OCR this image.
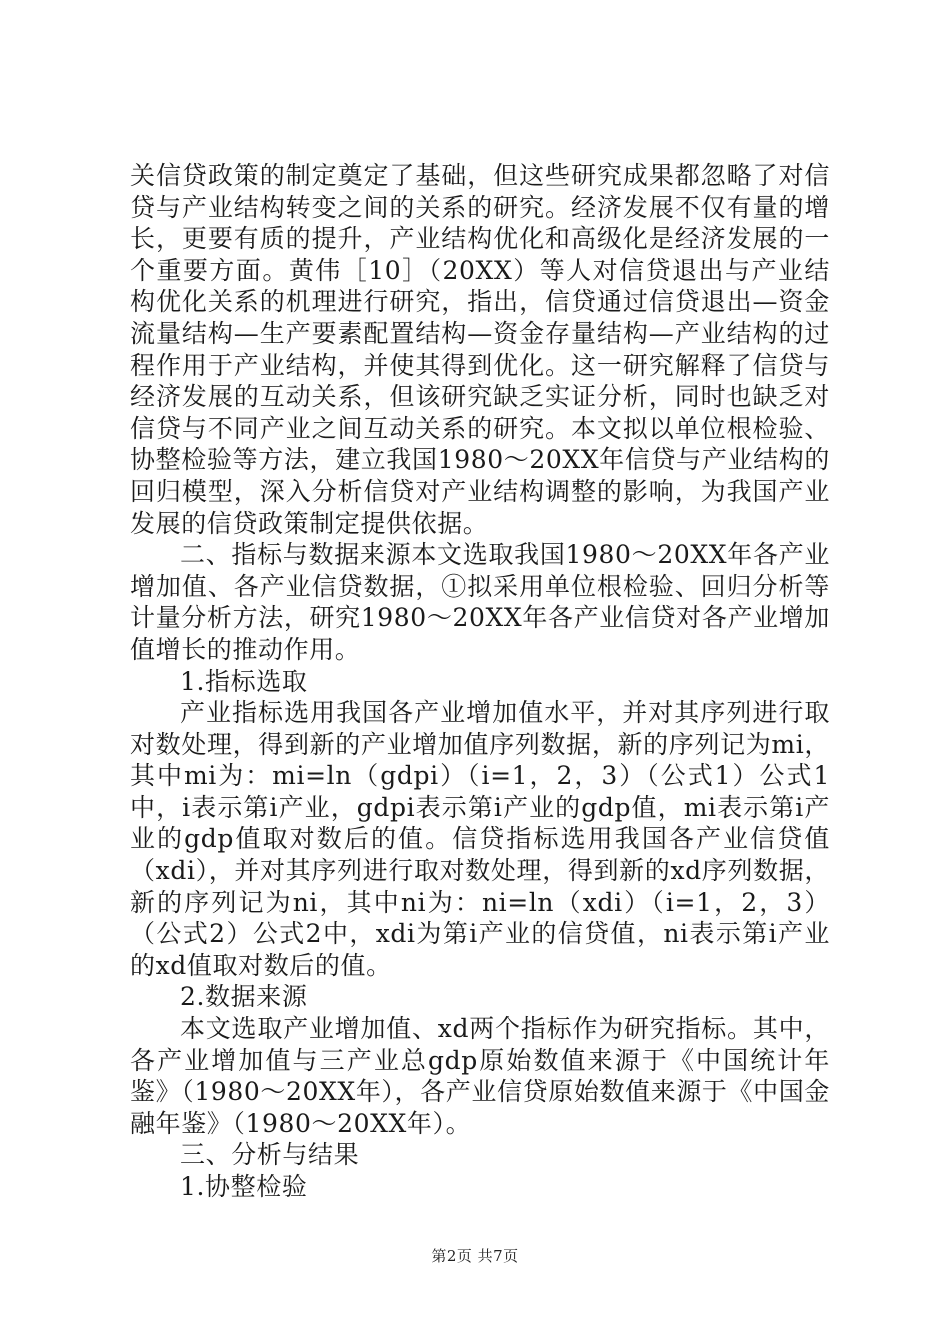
关信贷政策的制定奠定了基础，但这些研究成果都忽略了对信贷与产业结构转变之间的关系的研究。经济发展不仅有量的增长，更要有质的提升，产业结构优化和高级化是经济发展的一个重要方面。黄伟［10］（20XX）等人对信贷退出与产业结构优化关系的机理进行研究，指出，信贷通过信贷退出—资金流量结构—生产要素配置结构—资金存量结构—产业结构的过程作用于产业结构，并使其得到优化。这一研究解释了信贷与经济发展的互动关系，但该研究缺乏实证分析，同时也缺乏对信贷与不同产业之间互动关系的研究。本文拟以单位根检验、协整检验等方法，建立我国1980～20XX年信贷与产业结构的回归模型，深入分析信贷对产业结构调整的影响，为我国产业发展的信贷政策制定提供依据。

二、指标与数据来源本文选取我国1980～20XX年各产业增加值、各产业信贷数据，①拟采用单位根检验、回归分析等计量分析方法，研究1980～20XX年各产业信贷对各产业增加值增长的推动作用。

1.指标选取

产业指标选用我国各产业增加值水平，并对其序列进行取对数处理，得到新的产业增加值序列数据，新的序列记为mi，其中mi为：mi=ln（gdpi）（i=1，2，3）（公式1）公式1中，i表示第i产业，gdpi表示第i产业的gdp值，mi表示第i产业的gdp值取对数后的值。信贷指标选用我国各产业信贷值（xdi），并对其序列进行取对数处理，得到新的xd序列数据，新的序列记为ni，其中ni为：ni=ln（xdi）（i=1，2，3）（公式2）公式2中，xdi为第i产业的信贷值，ni表示第i产业的xd值取对数后的值。

2.数据来源

本文选取产业增加值、xd两个指标作为研究指标。其中，各产业增加值与三产业总gdp原始数值来源于《中国统计年鉴》（1980～20XX年），各产业信贷原始数值来源于《中国金融年鉴》（1980～20XX年）。

三、分析与结果

1.协整检验

第2页 共7页
